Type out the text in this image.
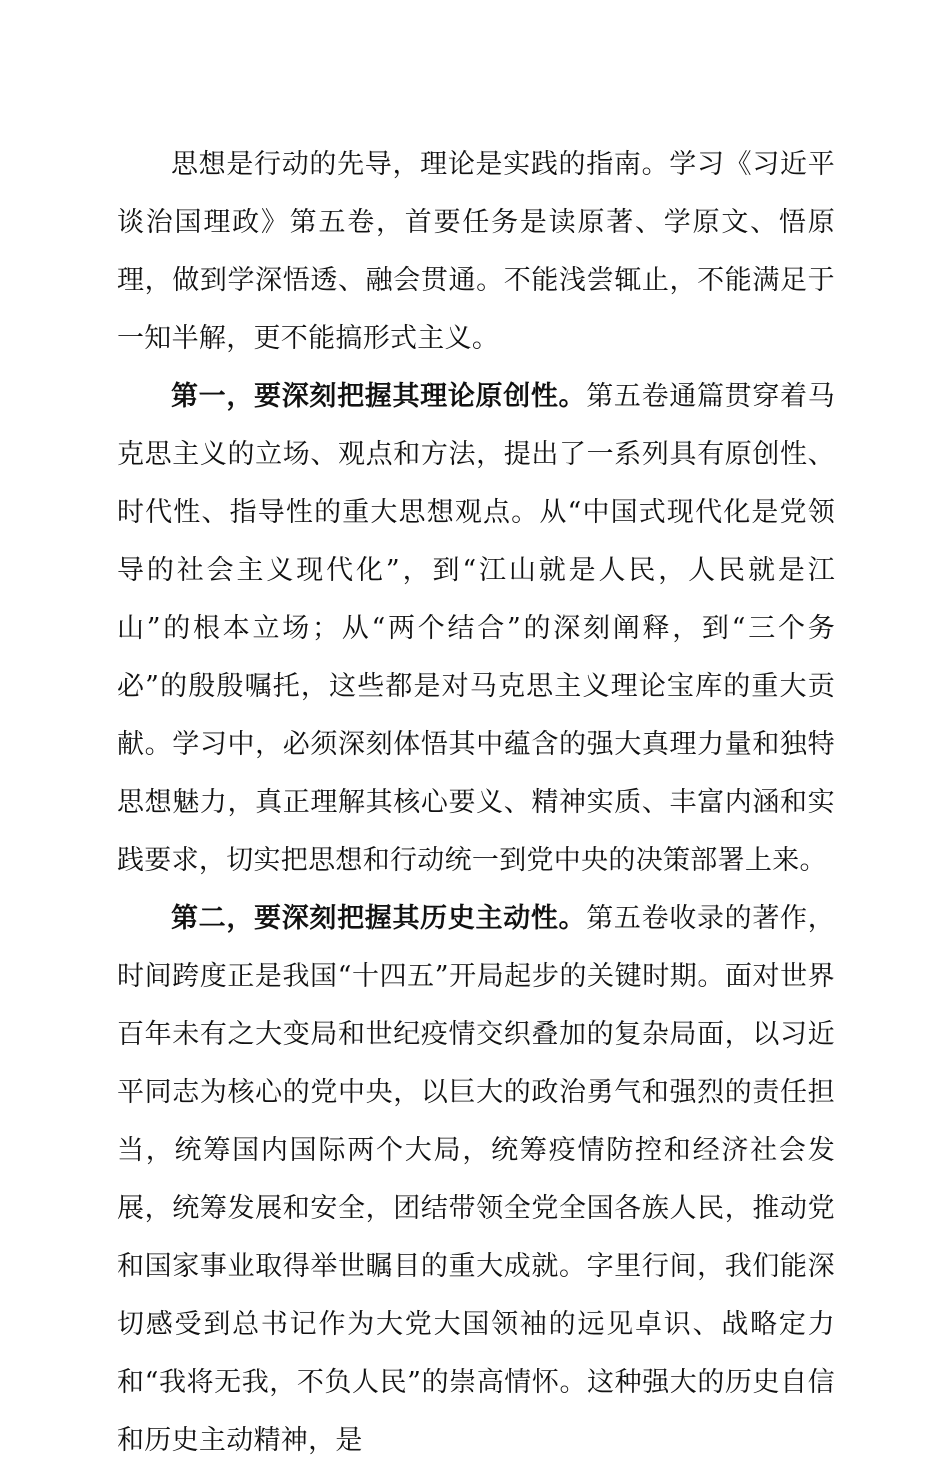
思想是行动的先导，理论是实践的指南。学习《习近平谈治国理政》第五卷，首要任务是读原著、学原文、悟原理，做到学深悟透、融会贯通。不能浅尝辄止，不能满足于一知半解，更不能搞形式主义。

第一，要深刻把握其理论原创性。第五卷通篇贯穿着马克思主义的立场、观点和方法，提出了一系列具有原创性、时代性、指导性的重大思想观点。从“中国式现代化是党领导的社会主义现代化”，到“江山就是人民，人民就是江山”的根本立场；从“两个结合”的深刻阐释，到“三个务必”的殷殷嘱托，这些都是对马克思主义理论宝库的重大贡献。学习中，必须深刻体悟其中蕴含的强大真理力量和独特思想魅力，真正理解其核心要义、精神实质、丰富内涵和实践要求，切实把思想和行动统一到党中央的决策部署上来。

第二，要深刻把握其历史主动性。第五卷收录的著作，时间跨度正是我国“十四五”开局起步的关键时期。面对世界百年未有之大变局和世纪疫情交织叠加的复杂局面，以习近平同志为核心的党中央，以巨大的政治勇气和强烈的责任担当，统筹国内国际两个大局，统筹疫情防控和经济社会发展，统筹发展和安全，团结带领全党全国各族人民，推动党和国家事业取得举世瞩目的重大成就。字里行间，我们能深切感受到总书记作为大党大国领袖的远见卓识、战略定力和“我将无我，不负人民”的崇高情怀。这种强大的历史自信和历史主动精神，是
